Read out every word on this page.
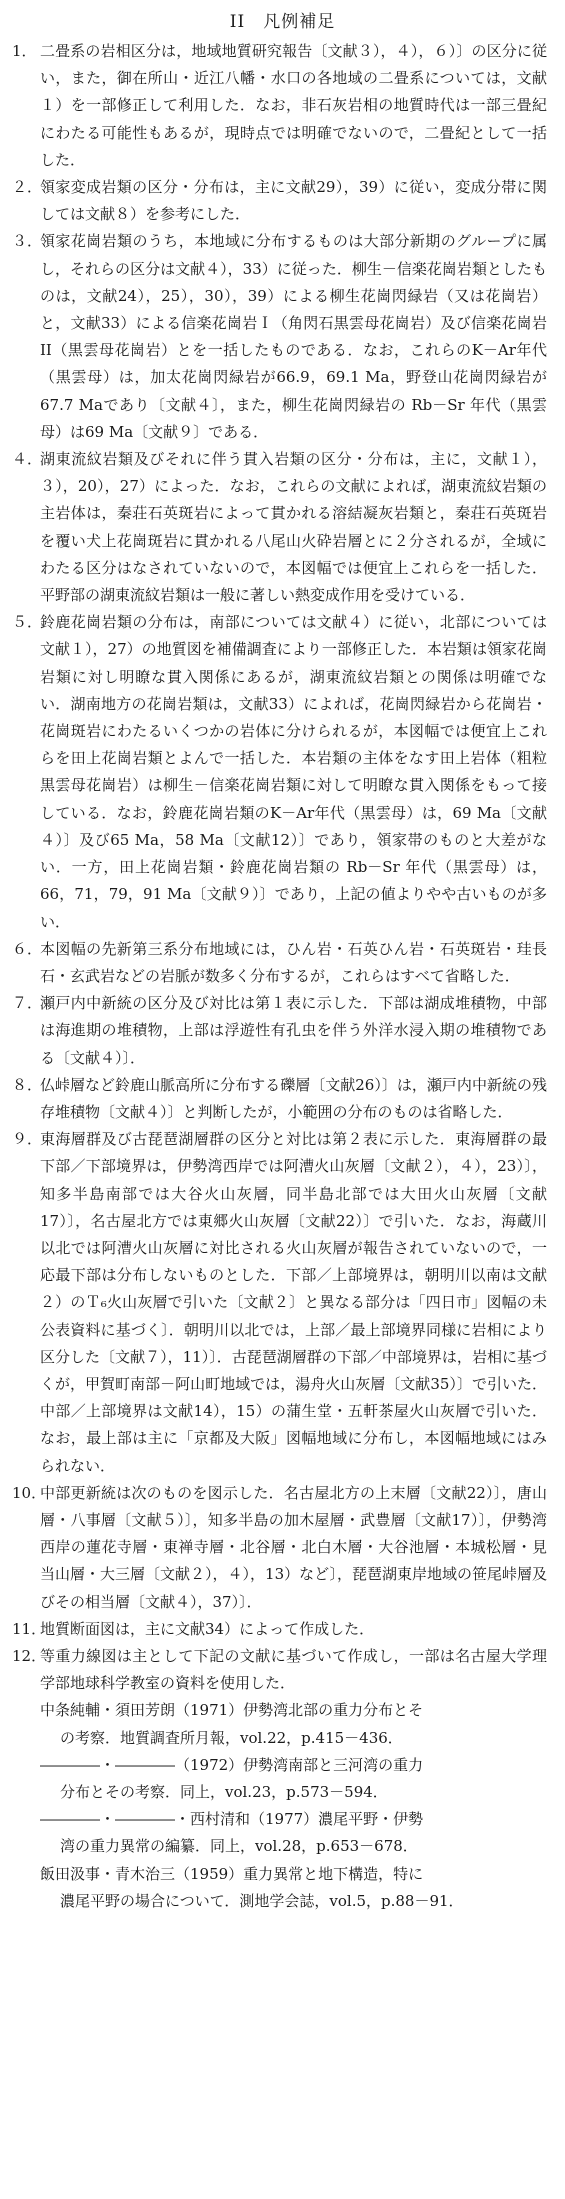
II　凡例補足
1． 二畳系の岩相区分は，地域地質研究報告〔文献３），４），６）〕の区分に従い，また，御在所山・近江八幡・水口の各地域の二畳系については，文献１）を一部修正して利用した．なお，非石灰岩相の地質時代は一部三畳紀にわたる可能性もあるが，現時点では明確でないので，二畳紀として一括した．
２．
領家変成岩類の区分・分布は，主に文献29），39）に従い，変成分帯に関しては文献８）を参考にした．
３．
領家花崗岩類のうち，本地域に分布するものは大部分新期のグループに属し，それらの区分は文献４），33）に従った．柳生－信楽花崗岩類としたものは，文献24），25），30），39）による柳生花崗閃緑岩（又は花崗岩）と，文献33）による信楽花崗岩Ｉ（角閃石黒雲母花崗岩）及び信楽花崗岩II（黒雲母花崗岩）とを一括したものである．なお，これらのK－Ar年代（黒雲母）は，加太花崗閃緑岩が66.9，69.1 Ma，野登山花崗閃緑岩が67.7 Maであり〔文献４〕，また，柳生花崗閃緑岩の Rb－Sr 年代（黒雲母）は69 Ma〔文献９〕である．
４．
湖東流紋岩類及びそれに伴う貫入岩類の区分・分布は，主に，文献１），３），20），27）によった．なお，これらの文献によれば，湖東流紋岩類の主岩体は，秦荘石英斑岩によって貫かれる溶結凝灰岩類と，秦荘石英斑岩を覆い犬上花崗斑岩に貫かれる八尾山火砕岩層とに２分されるが，全域にわたる区分はなされていないので，本図幅では便宜上これらを一括した．平野部の湖東流紋岩類は一般に著しい熱変成作用を受けている．
５．
鈴鹿花崗岩類の分布は，南部については文献４）に従い，北部については文献１），27）の地質図を補備調査により一部修正した．本岩類は領家花崗岩類に対し明瞭な貫入関係にあるが，湖東流紋岩類との関係は明確でない．湖南地方の花崗岩類は，文献33）によれば，花崗閃緑岩から花崗岩・花崗斑岩にわたるいくつかの岩体に分けられるが，本図幅では便宜上これらを田上花崗岩類とよんで一括した．本岩類の主体をなす田上岩体（粗粒黒雲母花崗岩）は柳生－信楽花崗岩類に対して明瞭な貫入関係をもって接している．なお，鈴鹿花崗岩類のK－Ar年代（黒雲母）は，69 Ma〔文献４）〕及び65 Ma，58 Ma〔文献12）〕であり，領家帯のものと大差がない．一方，田上花崗岩類・鈴鹿花崗岩類の Rb－Sr 年代（黒雲母）は，66，71，79，91 Ma〔文献９）〕であり，上記の値よりやや古いものが多い．
６．
本図幅の先新第三系分布地域には，ひん岩・石英ひん岩・石英斑岩・珪長石・玄武岩などの岩脈が数多く分布するが，これらはすべて省略した．
７．
瀬戸内中新統の区分及び対比は第１表に示した．下部は湖成堆積物，中部は海進期の堆積物，上部は浮遊性有孔虫を伴う外洋水浸入期の堆積物である〔文献４）〕．
８．
仏峠層など鈴鹿山脈高所に分布する礫層〔文献26）〕は，瀬戸内中新統の残存堆積物〔文献４）〕と判断したが，小範囲の分布のものは省略した．
９．
東海層群及び古琵琶湖層群の区分と対比は第２表に示した．東海層群の最下部／下部境界は，伊勢湾西岸では阿漕火山灰層〔文献２），４），23）〕，知多半島南部では大谷火山灰層，同半島北部では大田火山灰層〔文献17）〕，名古屋北方では東郷火山灰層〔文献22）〕で引いた．なお，海蔵川以北では阿漕火山灰層に対比される火山灰層が報告されていないので，一応最下部は分布しないものとした．下部／上部境界は，朝明川以南は文献２）のＴ₆火山灰層で引いた〔文献２〕と異なる部分は「四日市」図幅の未公表資料に基づく〕．朝明川以北では，上部／最上部境界同様に岩相により区分した〔文献７），11）〕．古琵琶湖層群の下部／中部境界は，岩相に基づくが，甲賀町南部－阿山町地域では，湯舟火山灰層〔文献35）〕で引いた．中部／上部境界は文献14），15）の蒲生堂・五軒茶屋火山灰層で引いた．なお，最上部は主に「京都及大阪」図幅地域に分布し，本図幅地域にはみられない．
10．
中部更新統は次のものを図示した．名古屋北方の上末層〔文献22）〕，唐山層・八事層〔文献５）〕，知多半島の加木屋層・武豊層〔文献17）〕，伊勢湾西岸の蓮花寺層・東禅寺層・北谷層・北白木層・大谷池層・本城松層・見当山層・大三層〔文献２），４），13）など〕，琵琶湖東岸地域の笹尾峠層及びその相当層〔文献４），37）〕．
11．
地質断面図は，主に文献34）によって作成した．
12．
等重力線図は主として下記の文献に基づいて作成し，一部は名古屋大学理学部地球科学教室の資料を使用した．
中条純輔・須田芳朗（1971）伊勢湾北部の重力分布とそ
の考察．地質調査所月報，vol.22，p.415－436．
――――・――――（1972）伊勢湾南部と三河湾の重力
分布とその考察．同上，vol.23，p.573－594．
――――・――――・西村清和（1977）濃尾平野・伊勢
湾の重力異常の編纂．同上，vol.28，p.653－678．
飯田汲事・青木治三（1959）重力異常と地下構造，特に
濃尾平野の場合について．測地学会誌，vol.5，p.88－91．
